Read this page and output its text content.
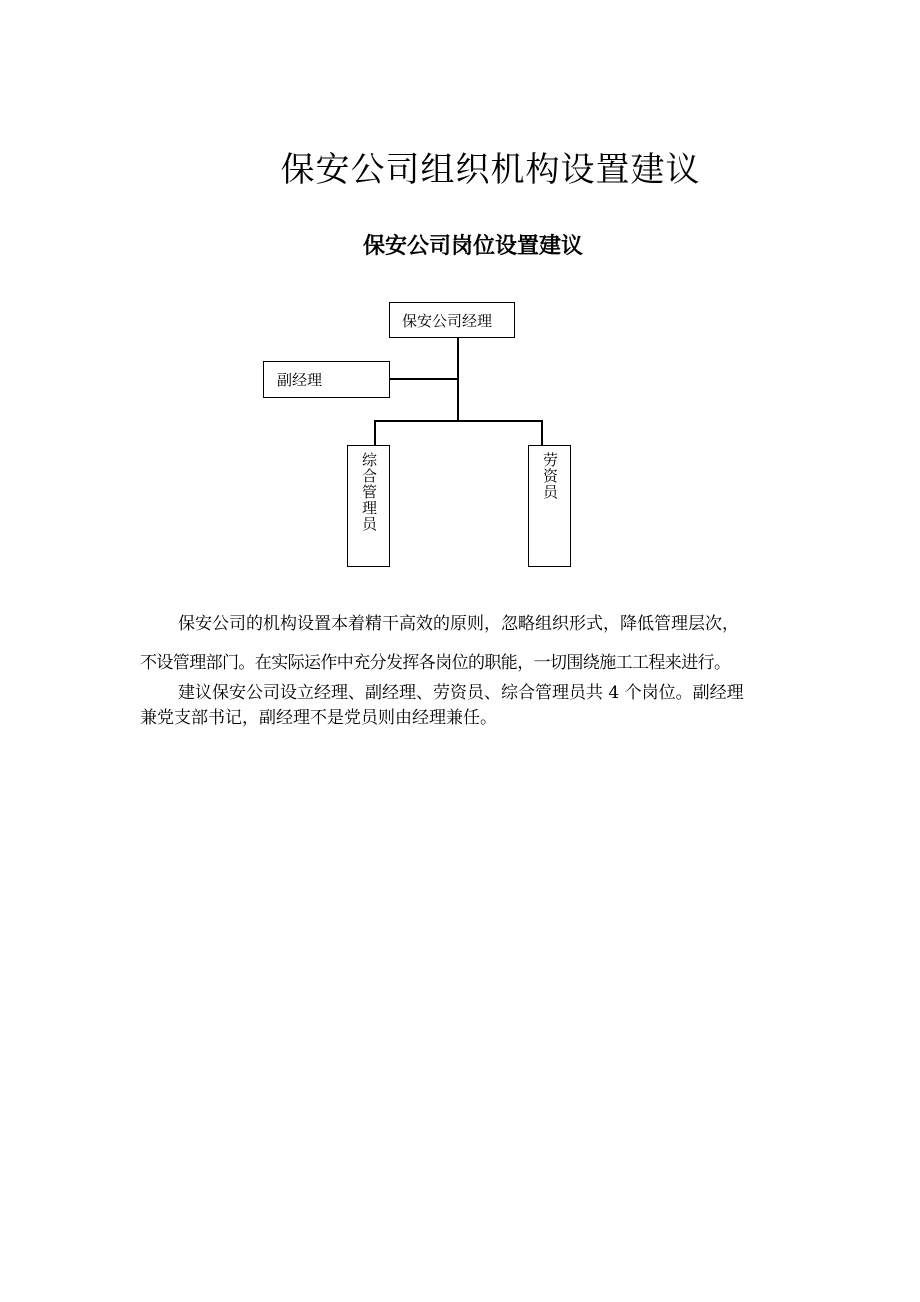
保安公司组织机构设置建议
保安公司岗位设置建议
保安公司经理
副经理
综合管理员	劳资员

保安公司的机构设置本着精干高效的原则，忽略组织形式，降低管理层次，

不设管理部门。在实际运作中充分发挥各岗位的职能，一切围绕施工工程来进行。

建议保安公司设立经理、副经理、劳资员、综合管理员共 4 个岗位。副经理

兼党支部书记，副经理不是党员则由经理兼任。
